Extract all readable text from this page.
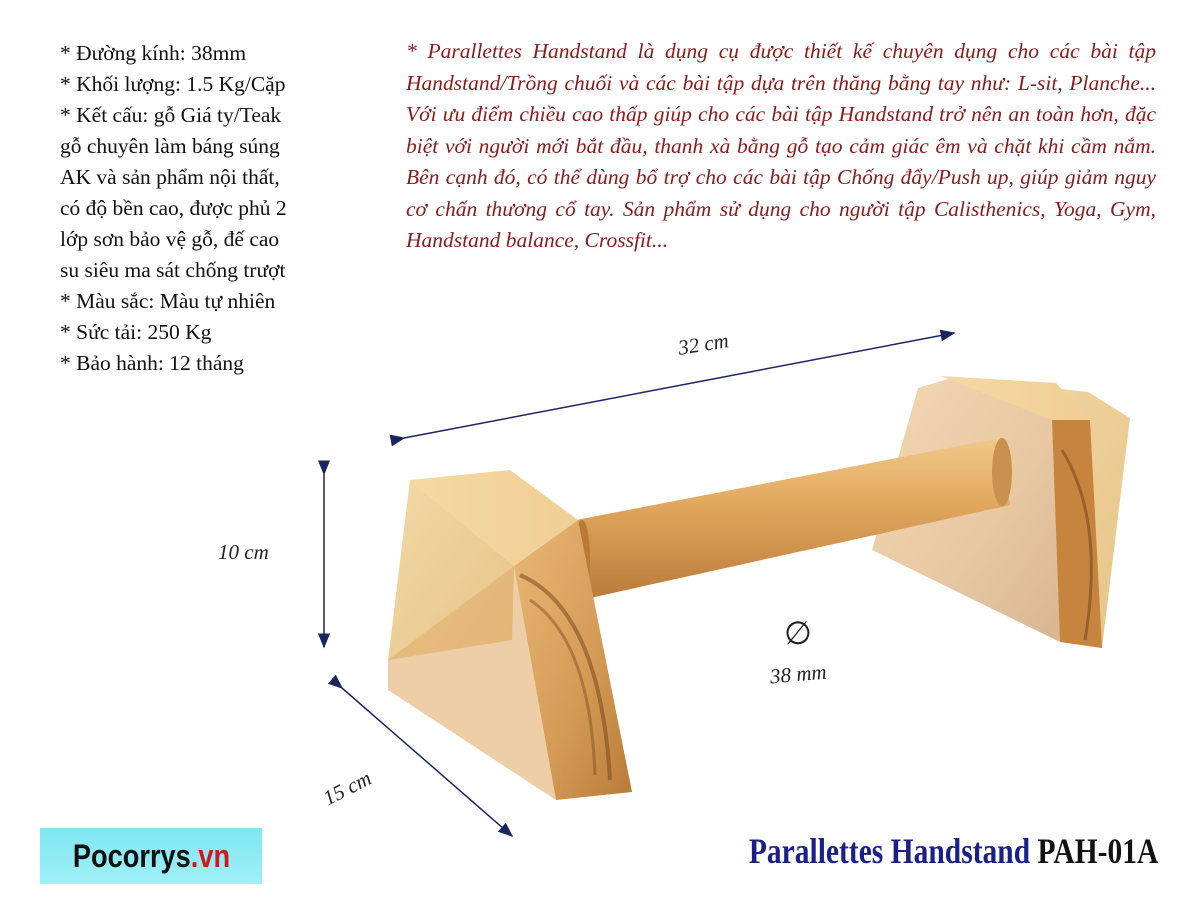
* Đường kính: 38mm
* Khối lượng: 1.5 Kg/Cặp
* Kết cấu: gỗ Giá ty/Teak
gỗ chuyên làm báng súng
AK và sản phẩm nội thất,
có độ bền cao, được phủ 2
lớp sơn bảo vệ gỗ, đế cao
su siêu ma sát chống trượt
* Màu sắc: Màu tự nhiên
* Sức tải: 250 Kg
* Bảo hành: 12 tháng
* Parallettes Handstand là dụng cụ được thiết kế chuyên dụng cho các bài tập Handstand/Trồng chuối và các bài tập dựa trên thăng bằng tay như: L-sit, Planche... Với ưu điểm chiều cao thấp giúp cho các bài tập Handstand trở nên an toàn hơn, đặc biệt với người mới bắt đầu, thanh xà bằng gỗ tạo cảm giác êm và chặt khi cầm nắm. Bên cạnh đó, có thể dùng bổ trợ cho các bài tập Chống đẩy/Push up, giúp giảm nguy cơ chấn thương cổ tay. Sản phẩm sử dụng cho người tập Calisthenics, Yoga, Gym, Handstand balance, Crossfit...
32 cm
10 cm
15 cm
∅
38 mm
Pocorrys.vn	Parallettes Handstand PAH-01A
